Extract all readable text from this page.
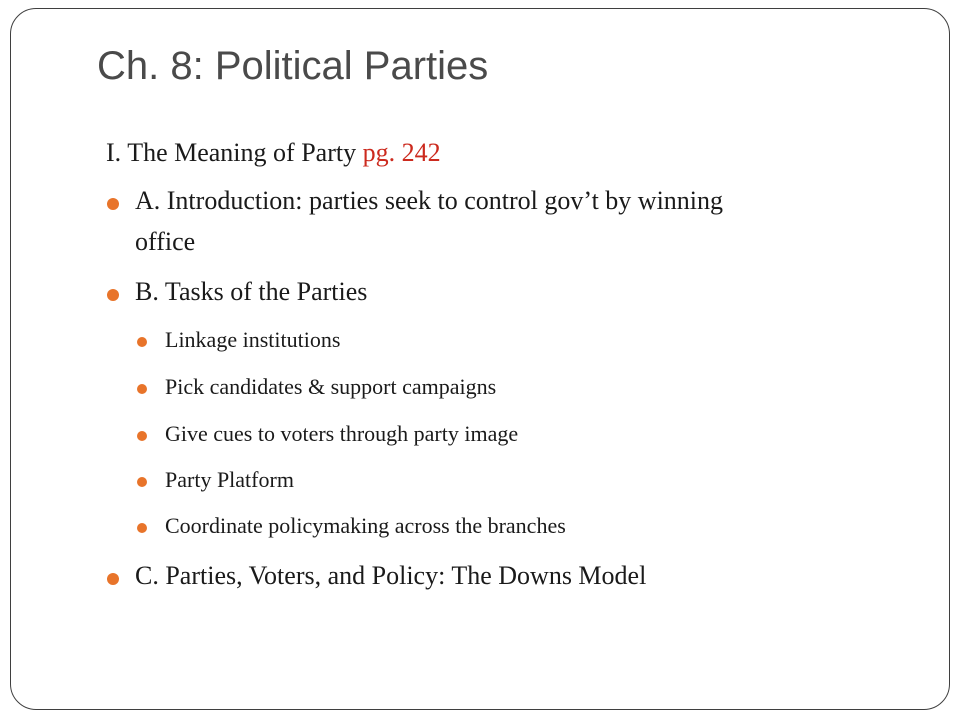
Ch. 8: Political Parties
I. The Meaning of Party pg. 242
A. Introduction: parties seek to control gov’t by winning
office
B. Tasks of the Parties
Linkage institutions
Pick candidates & support campaigns
Give cues to voters through party image
Party Platform
Coordinate policymaking across the branches
C. Parties, Voters, and Policy: The Downs Model
